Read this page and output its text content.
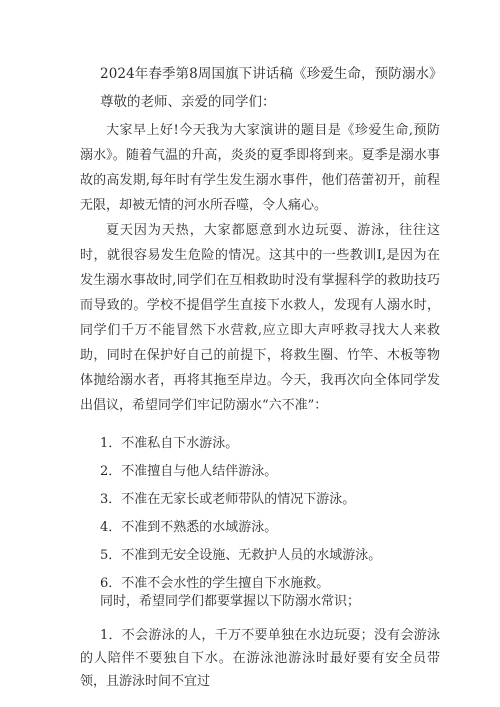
2024年春季第8周国旗下讲话稿《珍爱生命，预防溺水》
尊敬的老师、亲爱的同学们：
大家早上好!今天我为大家演讲的题目是《珍爱生命,预防溺水》。随着气温的升高，炎炎的夏季即将到来。夏季是溺水事故的高发期,每年时有学生发生溺水事件，他们蓓蕾初开，前程无限，却被无情的河水所吞噬，令人痛心。
夏天因为天热，大家都愿意到水边玩耍、游泳，往往这时，就很容易发生危险的情况。这其中的一些教训I,是因为在发生溺水事故时,同学们在互相救助时没有掌握科学的救助技巧而导致的。学校不提倡学生直接下水救人，发现有人溺水时，同学们千万不能冒然下水营救,应立即大声呼救寻找大人来救助，同时在保护好自己的前提下，将救生圈、竹竿、木板等物体抛给溺水者，再将其拖至岸边。今天，我再次向全体同学发出倡议，希望同学们牢记防溺水“六不准”：
1．不准私自下水游泳。
2．不准擅自与他人结伴游泳。
3．不准在无家长或老师带队的情况下游泳。
4．不准到不熟悉的水域游泳。
5．不准到无安全设施、无救护人员的水域游泳。
6．不准不会水性的学生擅自下水施救。
同时，希望同学们都要掌握以下防溺水常识；
1．不会游泳的人，千万不要单独在水边玩耍；没有会游泳的人陪伴不要独自下水。在游泳池游泳时最好要有安全员带领，且游泳时间不宜过
